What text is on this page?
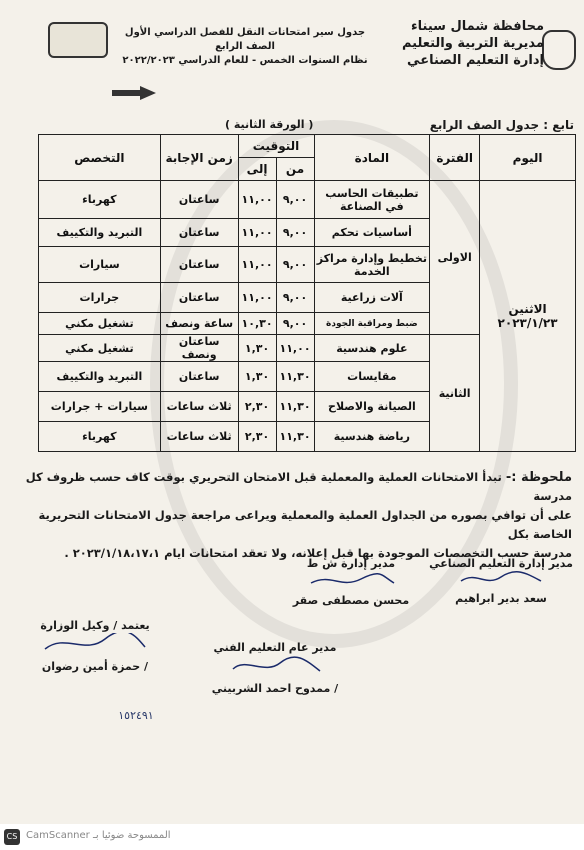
محافظة شمال سيناء
مديرية التربية والتعليم
إدارة التعليم الصناعي
جدول سير امتحانات النقل للفصل الدراسي الأول
الصف الرابع
نظام السنوات الخمس - للعام الدراسي ٢٠٢٢/٢٠٢٣
تابع : جدول الصف الرابع
( الورقة الثانية )
اليوم	الفترة	المادة	التوقيت		زمن الإجابة	التخصص
			من	إلى		
الاثنين ٢٠٢٣/١/٢٣	الاولى	تطبيقات الحاسب في الصناعة	٩,٠٠	١١,٠٠	ساعتان	كهرباء
		أساسيات تحكم	٩,٠٠	١١,٠٠	ساعتان	التبريد والتكييف
		تخطيط وإدارة مراكز الخدمة	٩,٠٠	١١,٠٠	ساعتان	سيارات
		آلات زراعية	٩,٠٠	١١,٠٠	ساعتان	جرارات
		ضبط ومراقبة الجودة	٩,٠٠	١٠,٣٠	ساعة ونصف	تشغيل مكني
	الثانية	علوم هندسية	١١,٠٠	١,٣٠	ساعتان ونصف	تشغيل مكني
		مقايسات	١١,٣٠	١,٣٠	ساعتان	التبريد والتكييف
		الصيانة والاصلاح	١١,٣٠	٢,٣٠	ثلاث ساعات	سيارات + جرارات
		رياضة هندسية	١١,٣٠	٢,٣٠	ثلاث ساعات	كهرباء
ملحوظة :- تبدأ الامتحانات العملية والمعملية قبل الامتحان التحريري بوقت كاف حسب ظروف كل مدرسة
على أن توافي بصوره من الجداول العملية والمعملية ويراعى مراجعة جدول الامتحانات التحريرية الخاصة بكل
مدرسة حسب التخصصات الموجودة بها قبل إعلانه، ولا تعقد امتحانات ايام ٢٠٢٣/١/١٨،١٧،١ .
مدير إدارة التعليم الصناعي
سعد بدير ابراهيم
مدير إدارة ش ط
محسن مصطفى صقر
مدير عام التعليم الفني
/ ممدوح احمد الشربيني
يعتمد / وكيل الوزارة
/ حمزة أمين رضوان
١٥٢٤٩١
CS الممسوحة ضوئيا بـ CamScanner
